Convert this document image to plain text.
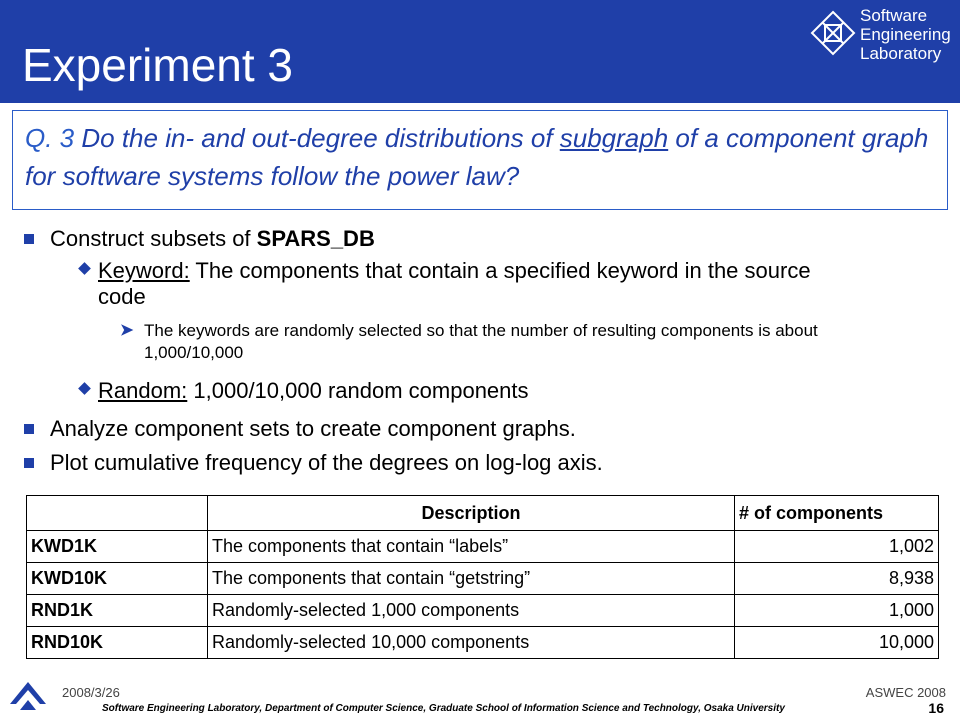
Experiment 3
Software
Engineering
Laboratory
Q. 3 Do the in- and out-degree distributions of subgraph of a component graph for software systems follow the power law?
Construct subsets of SPARS_DB
Keyword: The components that contain a specified keyword in the source code
➤ The keywords are randomly selected so that the number of resulting components is about 1,000/10,000
Random: 1,000/10,000 random components
Analyze component sets to create component graphs.
Plot cumulative frequency of the degrees on log-log axis.
	Description	# of components
KWD1K	The components that contain “labels”	1,002
KWD10K	The components that contain “getstring”	8,938
RND1K	Randomly-selected 1,000 components	1,000
RND10K	Randomly-selected 10,000 components	10,000
2008/3/26	ASWEC 2008
Software Engineering Laboratory, Department of Computer Science, Graduate School of Information Science and Technology, Osaka University	16
